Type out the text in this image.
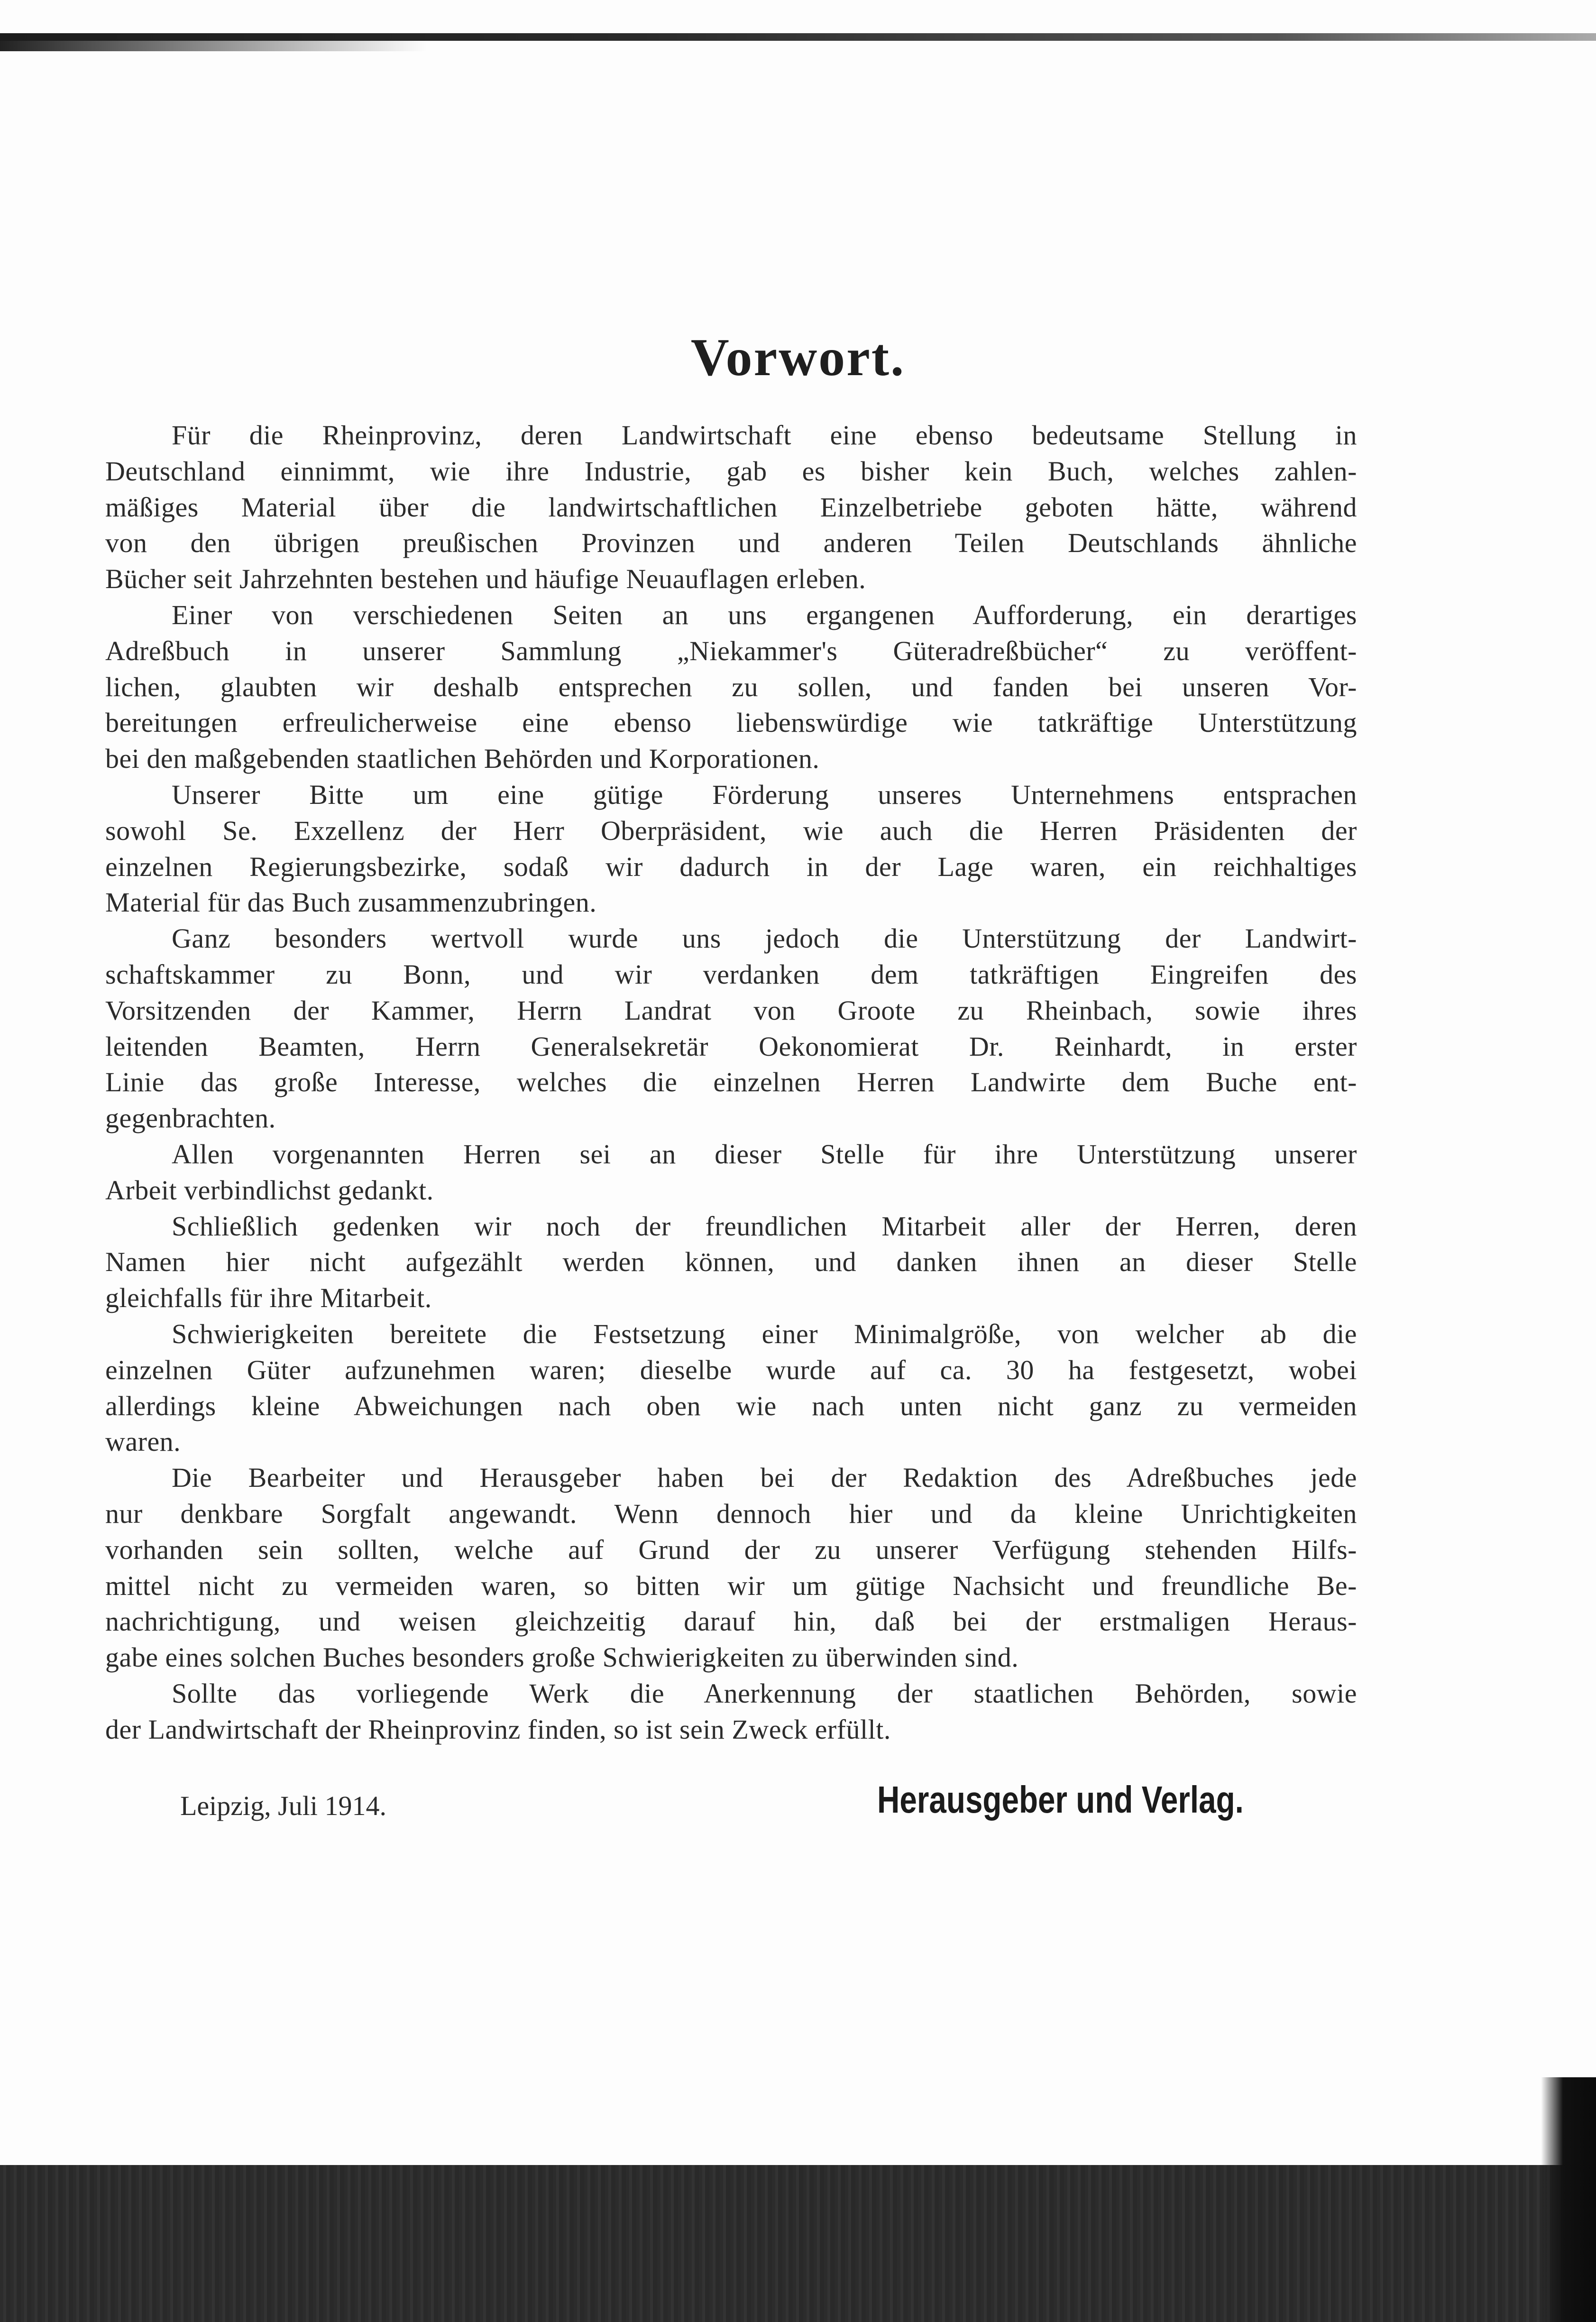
Vorwort.
Für die Rheinprovinz, deren Landwirtschaft eine ebenso bedeutsame Stellung in
Deutschland einnimmt, wie ihre Industrie, gab es bisher kein Buch, welches zahlen-
mäßiges Material über die landwirtschaftlichen Einzelbetriebe geboten hätte, während
von den übrigen preußischen Provinzen und anderen Teilen Deutschlands ähnliche
Bücher seit Jahrzehnten bestehen und häufige Neuauflagen erleben.
Einer von verschiedenen Seiten an uns ergangenen Aufforderung, ein derartiges
Adreßbuch in unserer Sammlung „Niekammer's Güteradreßbücher“ zu veröffent-
lichen, glaubten wir deshalb entsprechen zu sollen, und fanden bei unseren Vor-
bereitungen erfreulicherweise eine ebenso liebenswürdige wie tatkräftige Unterstützung
bei den maßgebenden staatlichen Behörden und Korporationen.
Unserer Bitte um eine gütige Förderung unseres Unternehmens entsprachen
sowohl Se. Exzellenz der Herr Oberpräsident, wie auch die Herren Präsidenten der
einzelnen Regierungsbezirke, sodaß wir dadurch in der Lage waren, ein reichhaltiges
Material für das Buch zusammenzubringen.
Ganz besonders wertvoll wurde uns jedoch die Unterstützung der Landwirt-
schaftskammer zu Bonn, und wir verdanken dem tatkräftigen Eingreifen des
Vorsitzenden der Kammer, Herrn Landrat von Groote zu Rheinbach, sowie ihres
leitenden Beamten, Herrn Generalsekretär Oekonomierat Dr. Reinhardt, in erster
Linie das große Interesse, welches die einzelnen Herren Landwirte dem Buche ent-
gegenbrachten.
Allen vorgenannten Herren sei an dieser Stelle für ihre Unterstützung unserer
Arbeit verbindlichst gedankt.
Schließlich gedenken wir noch der freundlichen Mitarbeit aller der Herren, deren
Namen hier nicht aufgezählt werden können, und danken ihnen an dieser Stelle
gleichfalls für ihre Mitarbeit.
Schwierigkeiten bereitete die Festsetzung einer Minimalgröße, von welcher ab die
einzelnen Güter aufzunehmen waren; dieselbe wurde auf ca. 30 ha festgesetzt, wobei
allerdings kleine Abweichungen nach oben wie nach unten nicht ganz zu vermeiden
waren.
Die Bearbeiter und Herausgeber haben bei der Redaktion des Adreßbuches jede
nur denkbare Sorgfalt angewandt. Wenn dennoch hier und da kleine Unrichtigkeiten
vorhanden sein sollten, welche auf Grund der zu unserer Verfügung stehenden Hilfs-
mittel nicht zu vermeiden waren, so bitten wir um gütige Nachsicht und freundliche Be-
nachrichtigung, und weisen gleichzeitig darauf hin, daß bei der erstmaligen Heraus-
gabe eines solchen Buches besonders große Schwierigkeiten zu überwinden sind.
Sollte das vorliegende Werk die Anerkennung der staatlichen Behörden, sowie
der Landwirtschaft der Rheinprovinz finden, so ist sein Zweck erfüllt.
Leipzig, Juli 1914.	Herausgeber und Verlag.
